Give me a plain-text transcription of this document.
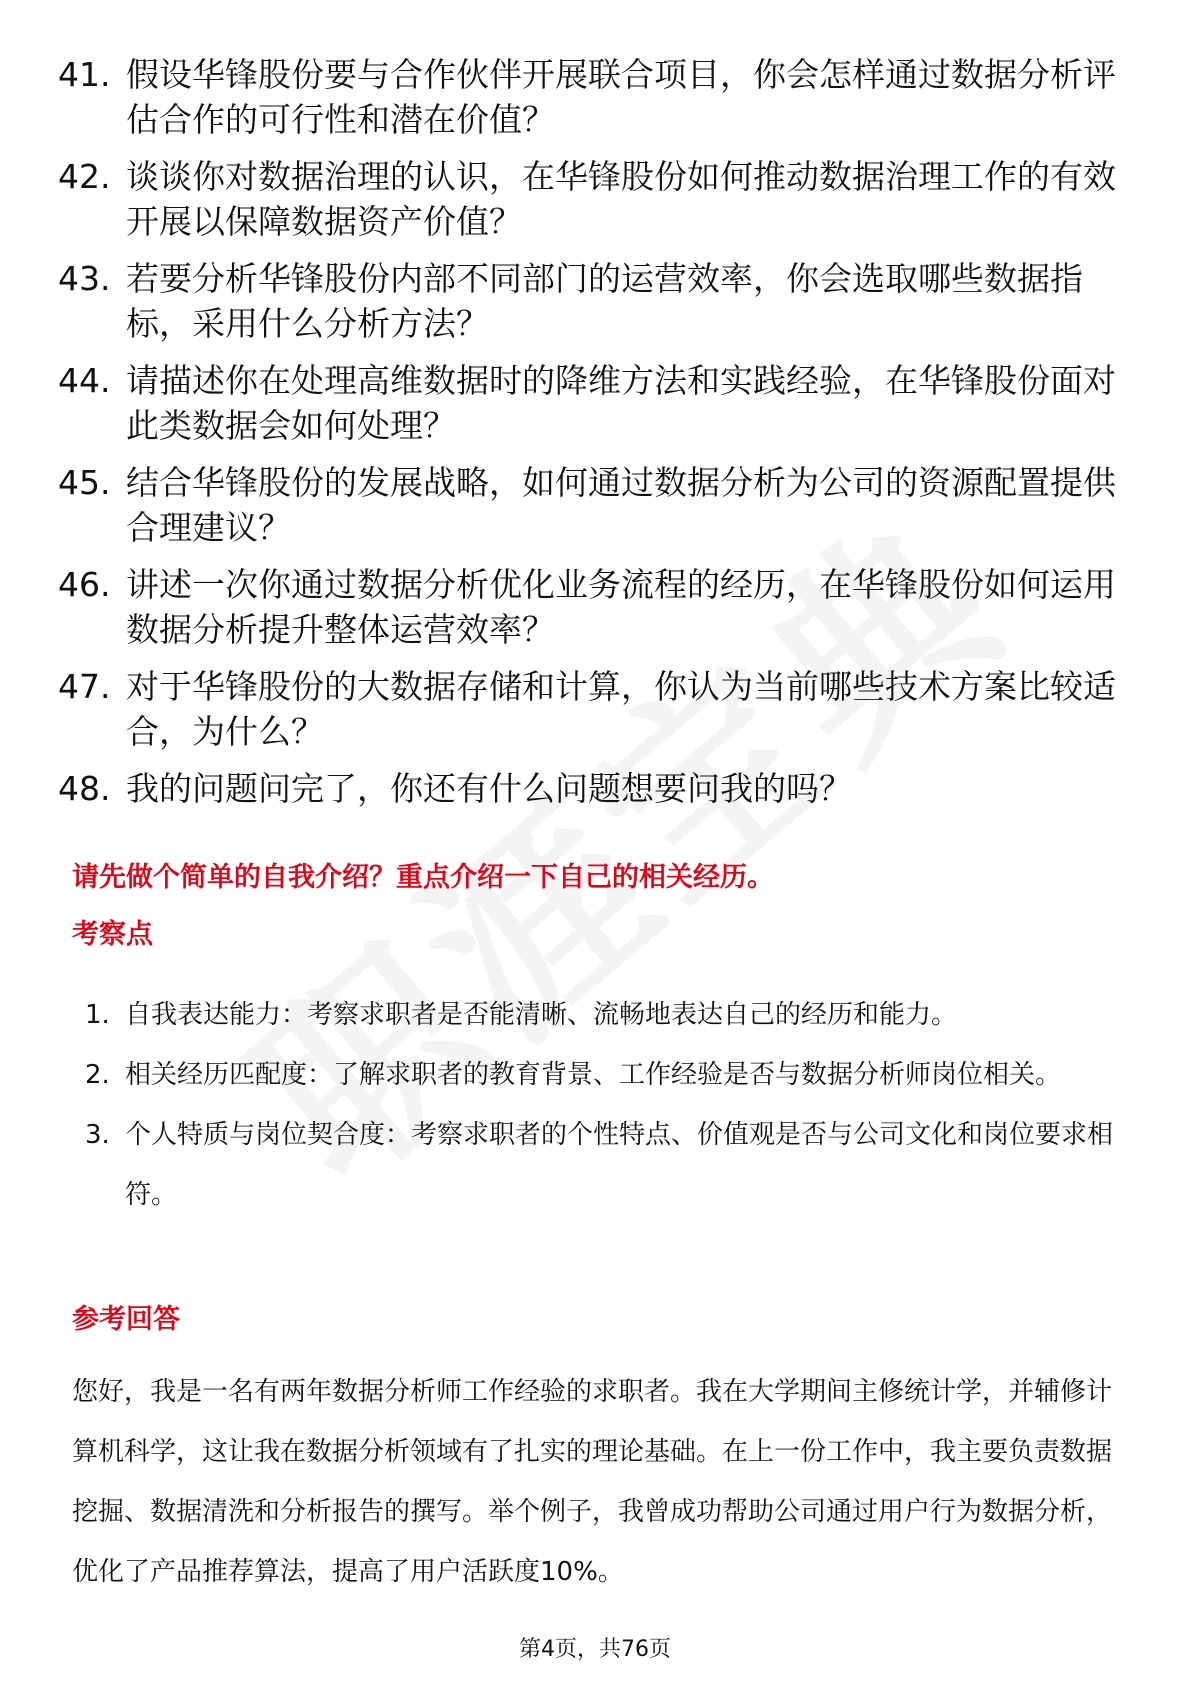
41. 假设华锋股份要与合作伙伴开展联合项目，你会怎样通过数据分析评估合作的可行性和潜在价值？
42. 谈谈你对数据治理的认识，在华锋股份如何推动数据治理工作的有效开展以保障数据资产价值？
43. 若要分析华锋股份内部不同部门的运营效率，你会选取哪些数据指标，采用什么分析方法？
44. 请描述你在处理高维数据时的降维方法和实践经验，在华锋股份面对此类数据会如何处理？
45. 结合华锋股份的发展战略，如何通过数据分析为公司的资源配置提供合理建议？
46. 讲述一次你通过数据分析优化业务流程的经历，在华锋股份如何运用数据分析提升整体运营效率？
47. 对于华锋股份的大数据存储和计算，你认为当前哪些技术方案比较适合，为什么？
48. 我的问题问完了，你还有什么问题想要问我的吗？
请先做个简单的自我介绍？重点介绍一下自己的相关经历。
考察点
1. 自我表达能力：考察求职者是否能清晰、流畅地表达自己的经历和能力。
2. 相关经历匹配度：了解求职者的教育背景、工作经验是否与数据分析师岗位相关。
3. 个人特质与岗位契合度：考察求职者的个性特点、价值观是否与公司文化和岗位要求相符。
参考回答
您好，我是一名有两年数据分析师工作经验的求职者。我在大学期间主修统计学，并辅修计算机科学，这让我在数据分析领域有了扎实的理论基础。在上一份工作中，我主要负责数据挖掘、数据清洗和分析报告的撰写。举个例子，我曾成功帮助公司通过用户行为数据分析，优化了产品推荐算法，提高了用户活跃度10%。
第4页，共76页
